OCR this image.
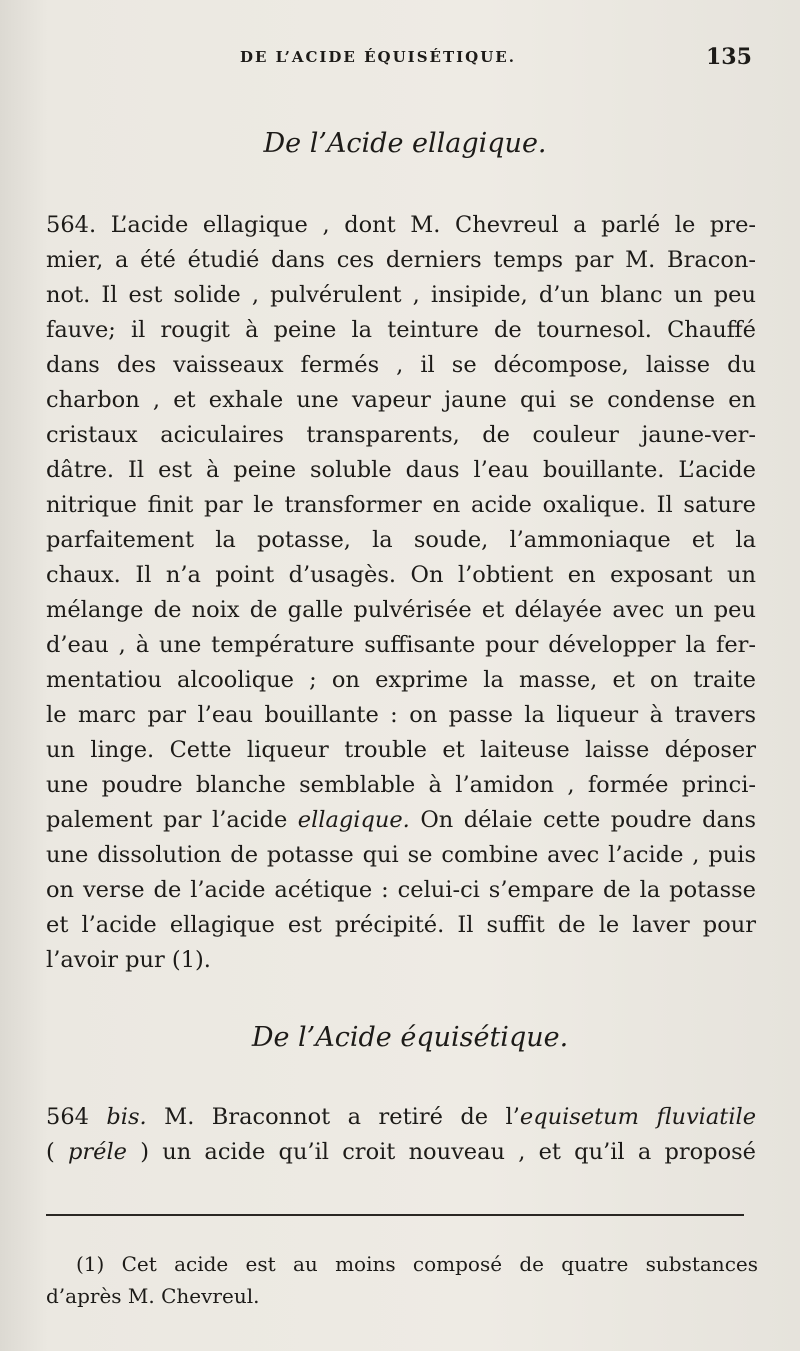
DE L’ACIDE ÉQUISÉTIQUE.	135
De l’Acide ellagique.
564. L’acide ellagique , dont M. Chevreul a parlé le pre-
mier, a été étudié dans ces derniers temps par M. Bracon-
not. Il est solide , pulvérulent , insipide, d’un blanc un peu
fauve; il rougit à peine la teinture de tournesol. Chauffé
dans des vaisseaux fermés , il se décompose, laisse du
charbon , et exhale une vapeur jaune qui se condense en
cristaux aciculaires transparents, de couleur jaune-ver-
dâtre. Il est à peine soluble daus l’eau bouillante. L’acide
nitrique finit par le transformer en acide oxalique. Il sature
parfaitement la potasse, la soude, l’ammoniaque et la
chaux. Il n’a point d’usagès. On l’obtient en exposant un
mélange de noix de galle pulvérisée et délayée avec un peu
d’eau , à une température suffisante pour développer la fer-
mentatiou alcoolique ; on exprime la masse, et on traite
le marc par l’eau bouillante : on passe la liqueur à travers
un linge. Cette liqueur trouble et laiteuse laisse déposer
une poudre blanche semblable à l’amidon , formée princi-
palement par l’acide ellagique. On délaie cette poudre dans
une dissolution de potasse qui se combine avec l’acide , puis
on verse de l’acide acétique : celui-ci s’empare de la potasse
et l’acide ellagique est précipité. Il suffit de le laver pour
l’avoir pur (1).
De l’Acide équisétique.
564 bis. M. Braconnot a retiré de l’equisetum fluviatile
( préle ) un acide qu’il croit nouveau , et qu’il a proposé
(1) Cet acide est au moins composé de quatre substances
d’après M. Chevreul.
